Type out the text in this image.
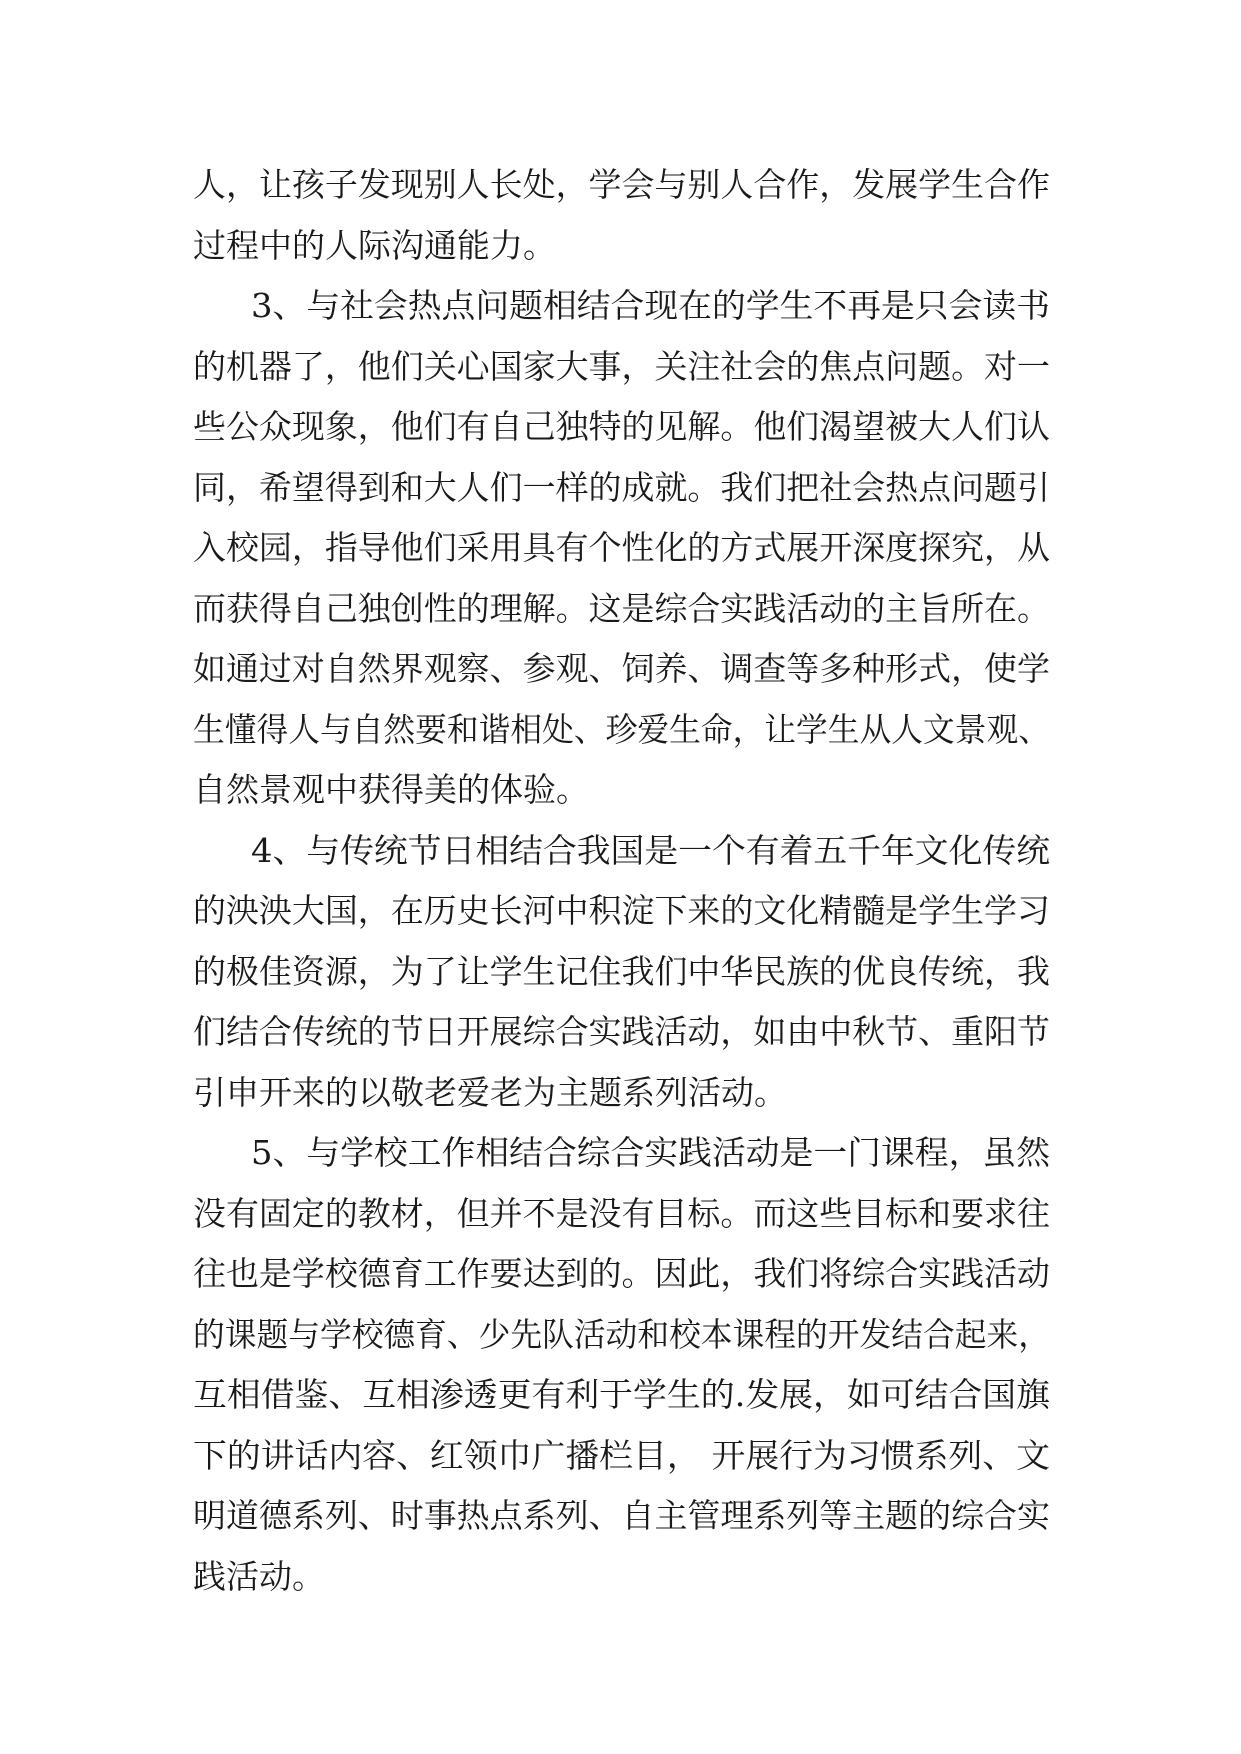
人，让孩子发现别人长处，学会与别人合作，发展学生合作
过程中的人际沟通能力。
3、与社会热点问题相结合现在的学生不再是只会读书
的机器了，他们关心国家大事，关注社会的焦点问题。对一
些公众现象，他们有自己独特的见解。他们渴望被大人们认
同，希望得到和大人们一样的成就。我们把社会热点问题引
入校园，指导他们采用具有个性化的方式展开深度探究，从
而获得自己独创性的理解。这是综合实践活动的主旨所在。
如通过对自然界观察、参观、饲养、调查等多种形式，使学
生懂得人与自然要和谐相处、珍爱生命，让学生从人文景观、
自然景观中获得美的体验。
4、与传统节日相结合我国是一个有着五千年文化传统
的泱泱大国，在历史长河中积淀下来的文化精髓是学生学习
的极佳资源，为了让学生记住我们中华民族的优良传统，我
们结合传统的节日开展综合实践活动，如由中秋节、重阳节
引申开来的以敬老爱老为主题系列活动。
5、与学校工作相结合综合实践活动是一门课程，虽然
没有固定的教材，但并不是没有目标。而这些目标和要求往
往也是学校德育工作要达到的。因此，我们将综合实践活动
的课题与学校德育、少先队活动和校本课程的开发结合起来，
互相借鉴、互相渗透更有利于学生的.发展，如可结合国旗
下的讲话内容、红领巾广播栏目， 开展行为习惯系列、文
明道德系列、时事热点系列、自主管理系列等主题的综合实
践活动。
